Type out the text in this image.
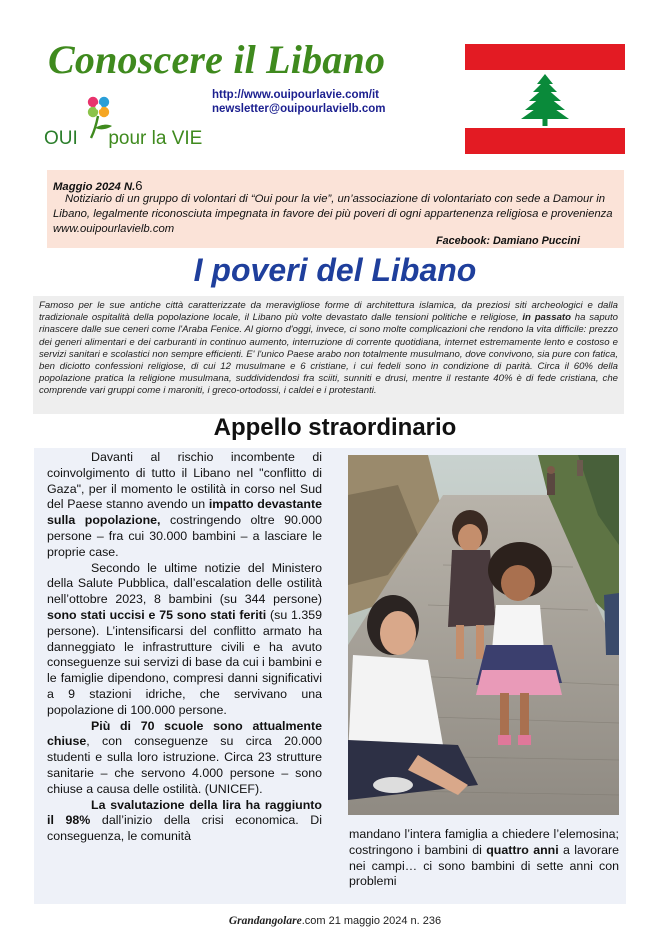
Conoscere il Libano
OUI pour la VIE
http://www.ouipourlavie.com/it
newsletter@ouipourlavielb.com

Maggio 2024 N.6

Notiziario di un gruppo di volontari di “Oui pour la vie”, un’associazione di volontariato con sede a Damour in Libano, legalmente riconosciuta impegnata in favore dei più poveri di ogni appartenenza religiosa e provenienza www.ouipourlavielb.com

Facebook: Damiano Puccini

I poveri del Libano

Famoso per le sue antiche città caratterizzate da meravigliose forme di architettura islamica, da preziosi siti archeologici e dalla tradizionale ospitalità della popolazione locale, il Libano più volte devastato dalle tensioni politiche e religiose, in passato ha saputo rinascere dalle sue ceneri come l'Araba Fenice. Al giorno d'oggi, invece, ci sono molte complicazioni che rendono la vita difficile: prezzo dei generi alimentari e dei carburanti in continuo aumento, interruzione di corrente quotidiana, internet estremamente lento e costoso e servizi sanitari e scolastici non sempre efficienti. E' l'unico Paese arabo non totalmente musulmano, dove convivono, sia pure con fatica, ben diciotto confessioni religiose, di cui 12 musulmane e 6 cristiane, i cui fedeli sono in condizione di parità. Circa il 60% della popolazione pratica la religione musulmana, suddividendosi fra sciiti, sunniti e drusi, mentre il restante 40% è di fede cristiana, che comprende vari gruppi come i maroniti, i greco-ortodossi, i caldei e i protestanti.

Appello straordinario

Davanti al rischio incombente di coinvolgimento di tutto il Libano nel "conflitto di Gaza", per il momento le ostilità in corso nel Sud del Paese stanno avendo un impatto devastante sulla popolazione, costringendo oltre 90.000 persone – fra cui 30.000 bambini – a lasciare le proprie case.

Secondo le ultime notizie del Ministero della Salute Pubblica, dall’escalation delle ostilità nell’ottobre 2023, 8 bambini (su 344 persone) sono stati uccisi e 75 sono stati feriti (su 1.359 persone). L’intensificarsi del conflitto armato ha danneggiato le infrastrutture civili e ha avuto conseguenze sui servizi di base da cui i bambini e le famiglie dipendono, compresi danni significativi a 9 stazioni idriche, che servivano una popolazione di 100.000 persone.

Più di 70 scuole sono attualmente chiuse, con conseguenze su circa 20.000 studenti e sulla loro istruzione. Circa 23 strutture sanitarie – che servono 4.000 persone – sono chiuse a causa delle ostilità. (UNICEF).

La svalutazione della lira ha raggiunto il 98% dall’inizio della crisi economica. Di conseguenza, le comunità	mandano l’intera famiglia a chiedere l’elemosina; costringono i bambini di quattro anni a lavorare nei campi… ci sono bambini di sette anni con problemi

Grandangolare.com 21 maggio 2024 n. 236
